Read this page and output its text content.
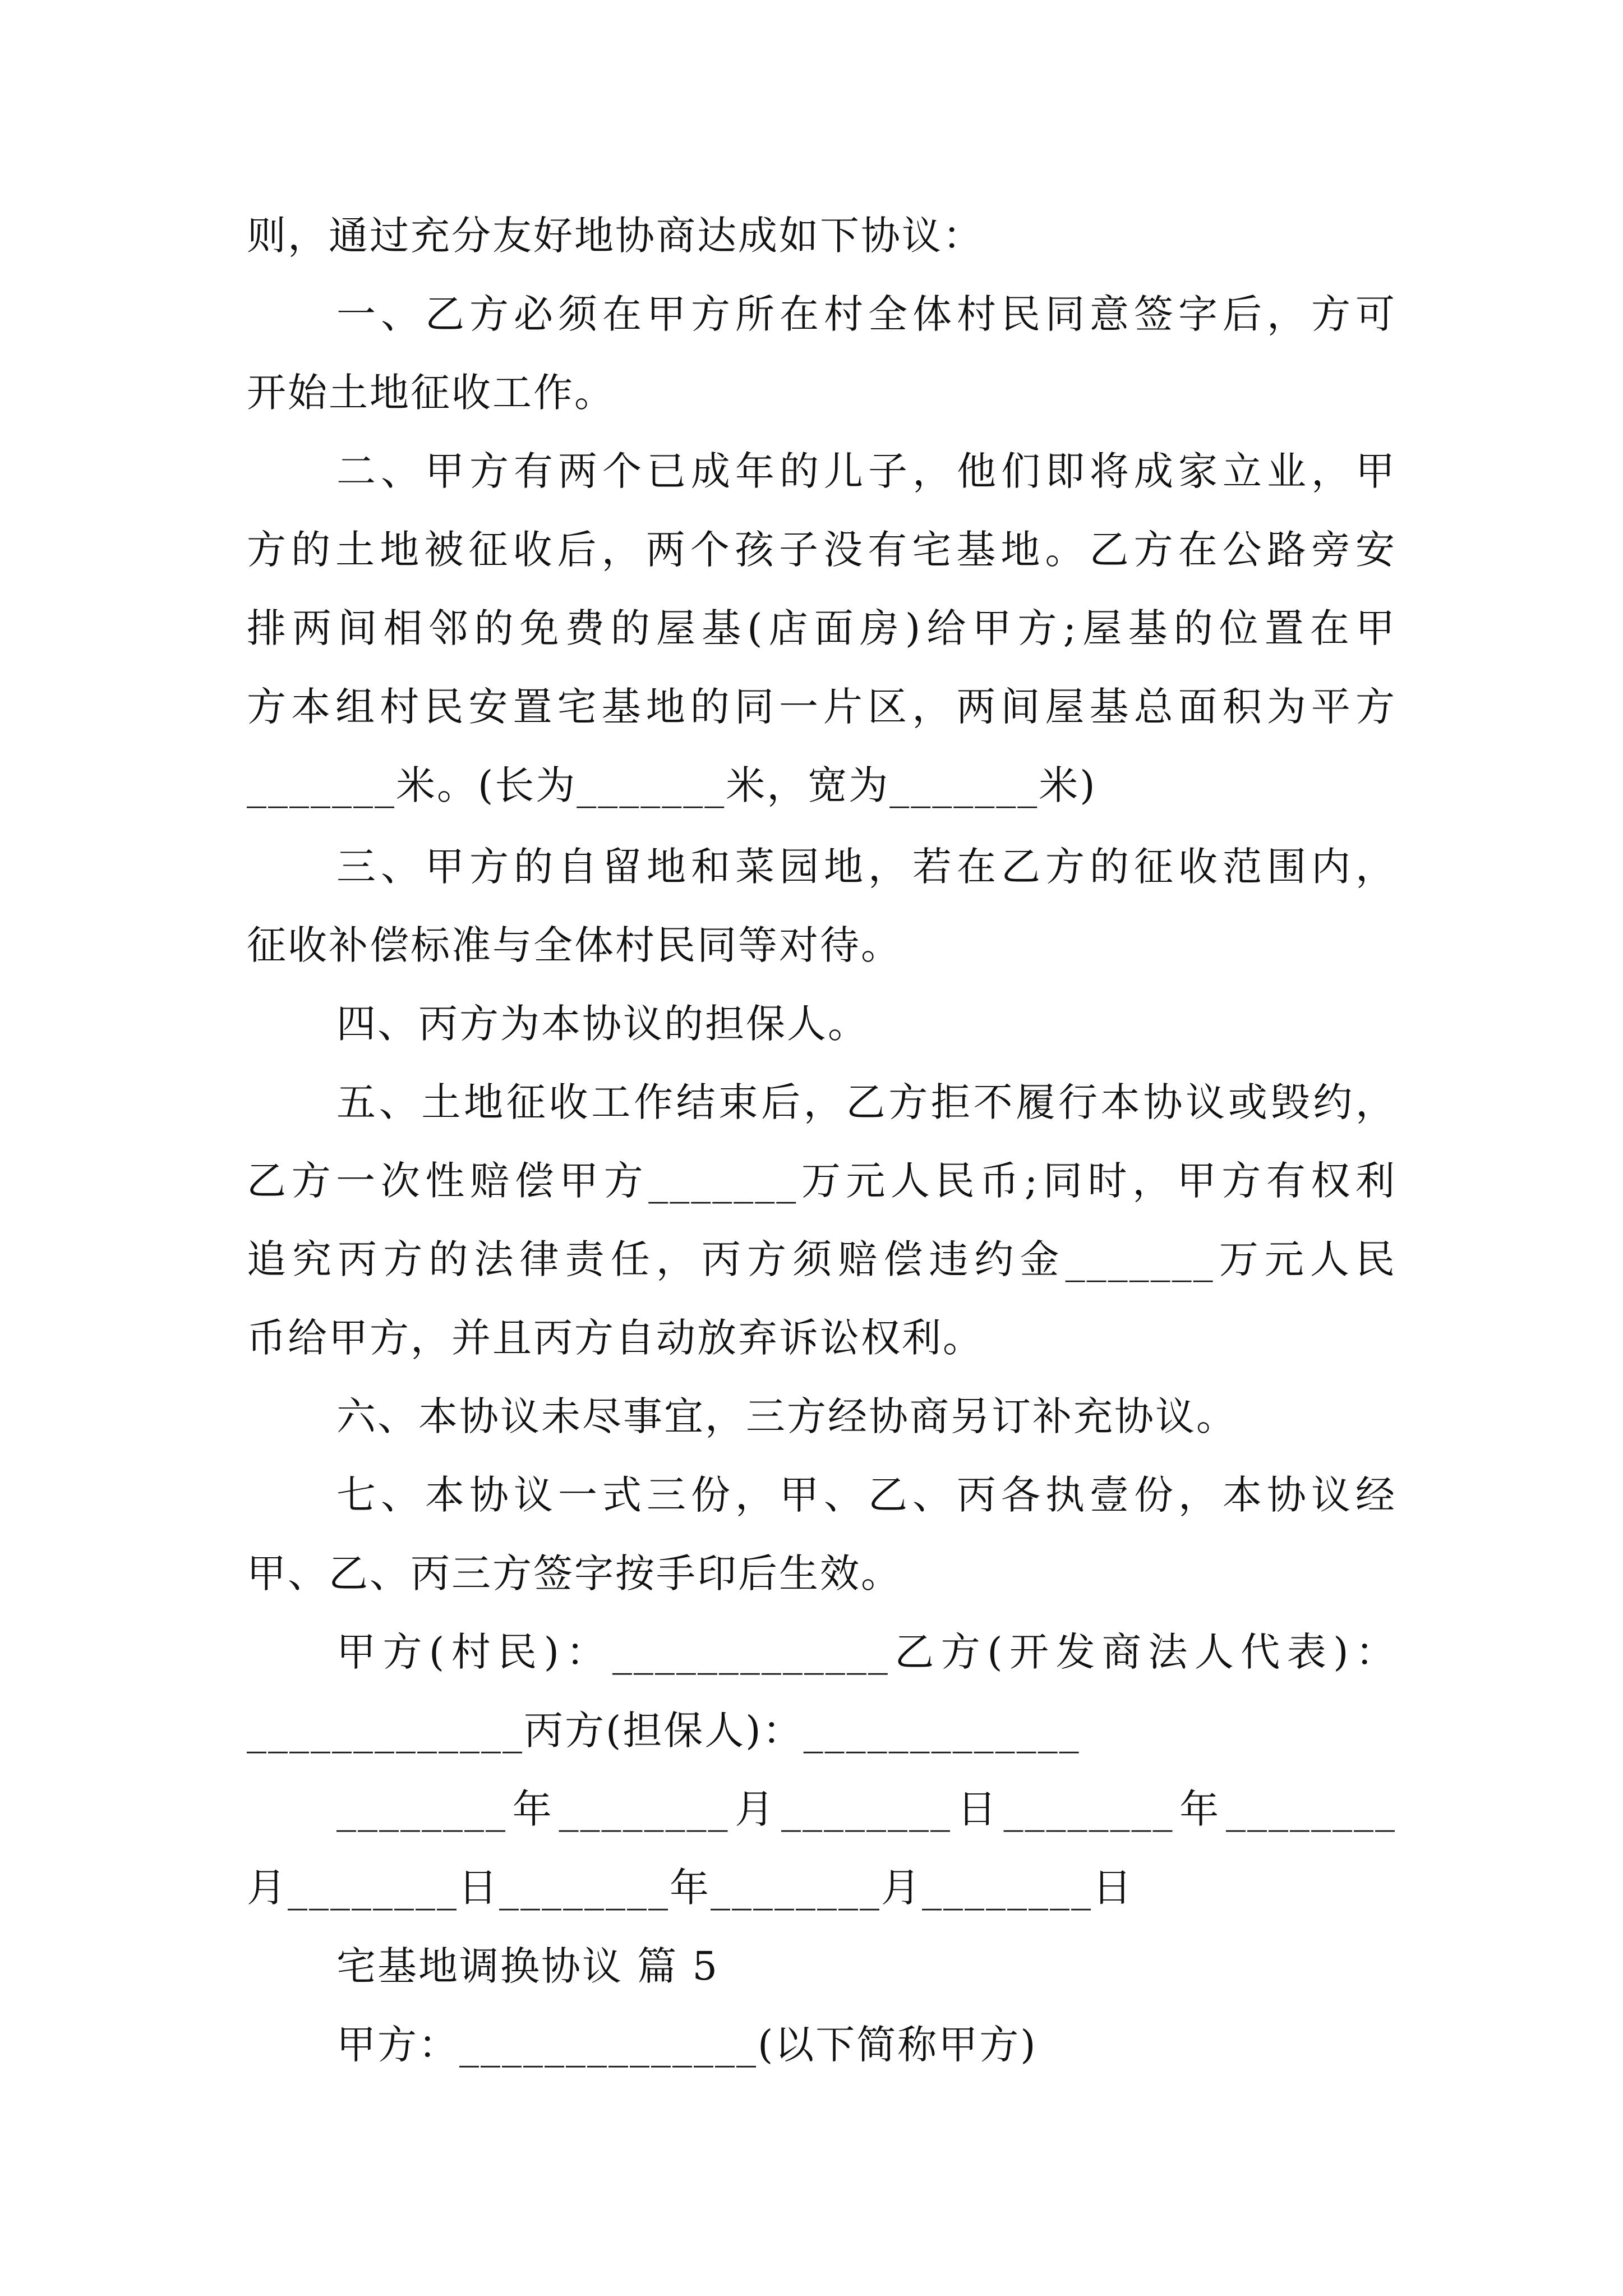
则，通过充分友好地协商达成如下协议：
一、乙方必须在甲方所在村全体村民同意签字后，方可
开始土地征收工作。
二、甲方有两个已成年的儿子，他们即将成家立业，甲
方的土地被征收后，两个孩子没有宅基地。乙方在公路旁安
排两间相邻的免费的屋基(店面房)给甲方;屋基的位置在甲
方本组村民安置宅基地的同一片区，两间屋基总面积为平方
_______米。(长为_______米，宽为_______米)
三、甲方的自留地和菜园地，若在乙方的征收范围内，
征收补偿标准与全体村民同等对待。
四、丙方为本协议的担保人。
五、土地征收工作结束后，乙方拒不履行本协议或毁约，
乙方一次性赔偿甲方_______万元人民币;同时，甲方有权利
追究丙方的法律责任，丙方须赔偿违约金_______万元人民
币给甲方，并且丙方自动放弃诉讼权利。
六、本协议未尽事宜，三方经协商另订补充协议。
七、本协议一式三份，甲、乙、丙各执壹份，本协议经
甲、乙、丙三方签字按手印后生效。
甲方(村民)：_____________乙方(开发商法人代表)：
_____________丙方(担保人)：_____________
________年________月________日________年________
月________日________年________月________日
宅基地调换协议 篇 5
甲方：______________(以下简称甲方)
